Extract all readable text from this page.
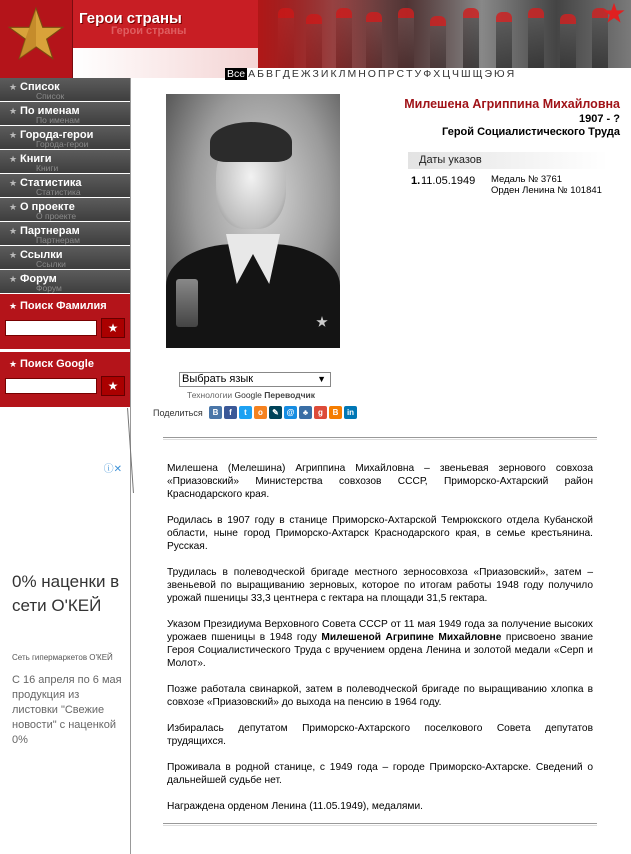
Герои страны
Герои страны
Все А Б В Г Д Е Ж З И К Л М Н О П Р С Т У Ф Х Ц Ч Ш Щ Э Ю Я
★
Список
Список
★
По именам
По именам
★
Города-герои
Города-герои
★
Книги
Книги
★
Статистика
Статистика
★
О проекте
О проекте
★
Партнерам
Партнерам
★
Ссылки
Ссылки
★
Форум
Форум
★ Поиск Фамилия
★
★ Поиск Google
★
ⓘ✕
0% наценки в сети О'КЕЙ
Сеть гипермаркетов О'КЕЙ
С 16 апреля по 6 мая продукция из листовки "Свежие новости" с наценкой 0%
Милешена Агриппина Михайловна
1907 - ?
Герой Социалистического Труда
Даты указов
1. 11.05.1949 Медаль № 3761
Орден Ленина № 101841
Выбрать язык	▼
Технологии Google Переводчик
Поделиться	В	f	t	о	✎ @	♣	g	B	in

Милешена (Мелешина) Агриппина Михайловна – звеньевая зернового совхоза «Приазовский» Министерства совхозов СССР, Приморско-Ахтарский район Краснодарского края.

Родилась в 1907 году в станице Приморско-Ахтарской Темрюкского отдела Кубанской области, ныне город Приморско-Ахтарск Краснодарского края, в семье крестьянина. Русская.

Трудилась в полеводческой бригаде местного зерносовхоза «Приазовский», затем – звеньевой по выращиванию зерновых, которое по итогам работы 1948 году получило урожай пшеницы 33,3 центнера с гектара на площади 31,5 гектара.

Указом Президиума Верховного Совета СССР от 11 мая 1949 года за получение высоких урожаев пшеницы в 1948 году Милешеной Агрипине Михайловне присвоено звание Героя Социалистического Труда с вручением ордена Ленина и золотой медали «Серп и Молот».

Позже работала свинаркой, затем в полеводческой бригаде по выращиванию хлопка в совхозе «Приазовский» до выхода на пенсию в 1964 году.

Избиралась депутатом Приморско-Ахтарского поселкового Совета депутатов трудящихся.

Проживала в родной станице, с 1949 года – городе Приморско-Ахтарске. Сведений о дальнейшей судьбе нет.

Награждена орденом Ленина (11.05.1949), медалями.
